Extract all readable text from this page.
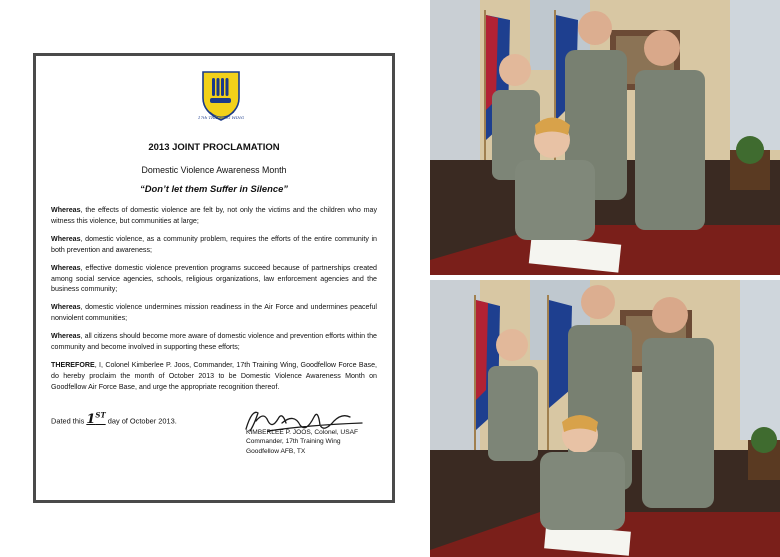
17th TRAINING WING
2013 JOINT PROCLAMATION
Domestic Violence Awareness Month
“Don’t let them Suffer in Silence”

Whereas, the effects of domestic violence are felt by, not only the victims and the children who may witness this violence, but communities at large;

Whereas, domestic violence, as a community problem, requires the efforts of the entire community in both prevention and awareness;

Whereas, effective domestic violence prevention programs succeed because of partnerships created among social service agencies, schools, religious organizations, law enforcement agencies and the business community;

Whereas, domestic violence undermines mission readiness in the Air Force and undermines peaceful nonviolent communities;

Whereas, all citizens should become more aware of domestic violence and prevention efforts within the community and become involved in supporting these efforts;

THEREFORE, I, Colonel Kimberlee P. Joos, Commander, 17th Training Wing, Goodfellow Force Base, do hereby proclaim the month of October 2013 to be Domestic Violence Awareness Month on Goodfellow Air Force Base, and urge the appropriate recognition thereof.

Dated this 1ST day of October 2013.
KIMBERLEE P. JOOS, Colonel, USAF
Commander, 17th Training Wing
Goodfellow AFB, TX
